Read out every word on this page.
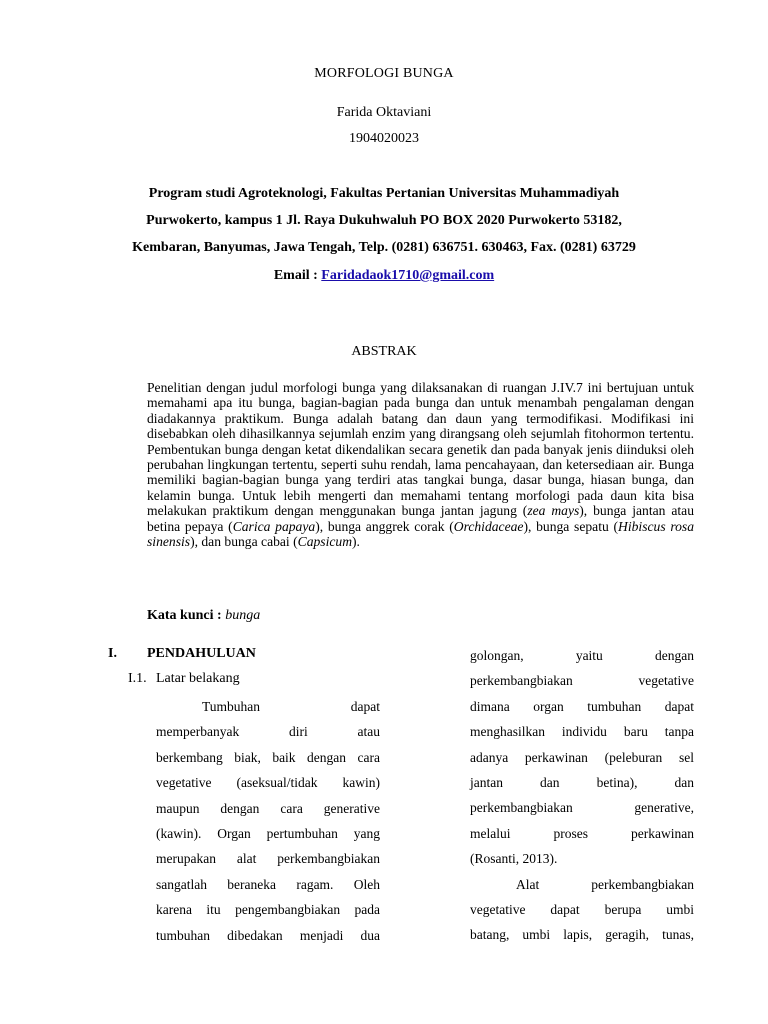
MORFOLOGI BUNGA
Farida Oktaviani
1904020023
Program studi Agroteknologi, Fakultas Pertanian Universitas Muhammadiyah
Purwokerto, kampus 1 Jl. Raya Dukuhwaluh PO BOX 2020 Purwokerto 53182,
Kembaran, Banyumas, Jawa Tengah, Telp. (0281) 636751. 630463, Fax. (0281) 63729
Email : Faridadaok1710@gmail.com
ABSTRAK
Penelitian dengan judul morfologi bunga yang dilaksanakan di ruangan J.IV.7 ini bertujuan untuk memahami apa itu bunga, bagian-bagian pada bunga dan untuk menambah pengalaman dengan diadakannya praktikum. Bunga adalah batang dan daun yang termodifikasi. Modifikasi ini disebabkan oleh dihasilkannya sejumlah enzim yang dirangsang oleh sejumlah fitohormon tertentu. Pembentukan bunga dengan ketat dikendalikan secara genetik dan pada banyak jenis diinduksi oleh perubahan lingkungan tertentu, seperti suhu rendah, lama pencahayaan, dan ketersediaan air. Bunga memiliki bagian-bagian bunga yang terdiri atas tangkai bunga, dasar bunga, hiasan bunga, dan kelamin bunga. Untuk lebih mengerti dan memahami tentang morfologi pada daun kita bisa melakukan praktikum dengan menggunakan bunga jantan jagung (zea mays), bunga jantan atau betina pepaya (Carica papaya), bunga anggrek corak (Orchidaceae), bunga sepatu (Hibiscus rosa sinensis), dan bunga cabai (Capsicum).
Kata kunci : bunga
I. PENDAHULUAN
I.1. Latar belakang
Tumbuhan dapat
memperbanyak diri atau
berkembang biak, baik dengan cara
vegetative (aseksual/tidak kawin)
maupun dengan cara generative
(kawin). Organ pertumbuhan yang
merupakan alat perkembangbiakan
sangatlah beraneka ragam. Oleh
karena itu pengembangbiakan pada
tumbuhan dibedakan menjadi dua
golongan, yaitu dengan
perkembangbiakan vegetative
dimana organ tumbuhan dapat
menghasilkan individu baru tanpa
adanya perkawinan (peleburan sel
jantan dan betina), dan
perkembangbiakan generative,
melalui proses perkawinan
(Rosanti, 2013).
Alat perkembangbiakan
vegetative dapat berupa umbi
batang, umbi lapis, geragih, tunas,
